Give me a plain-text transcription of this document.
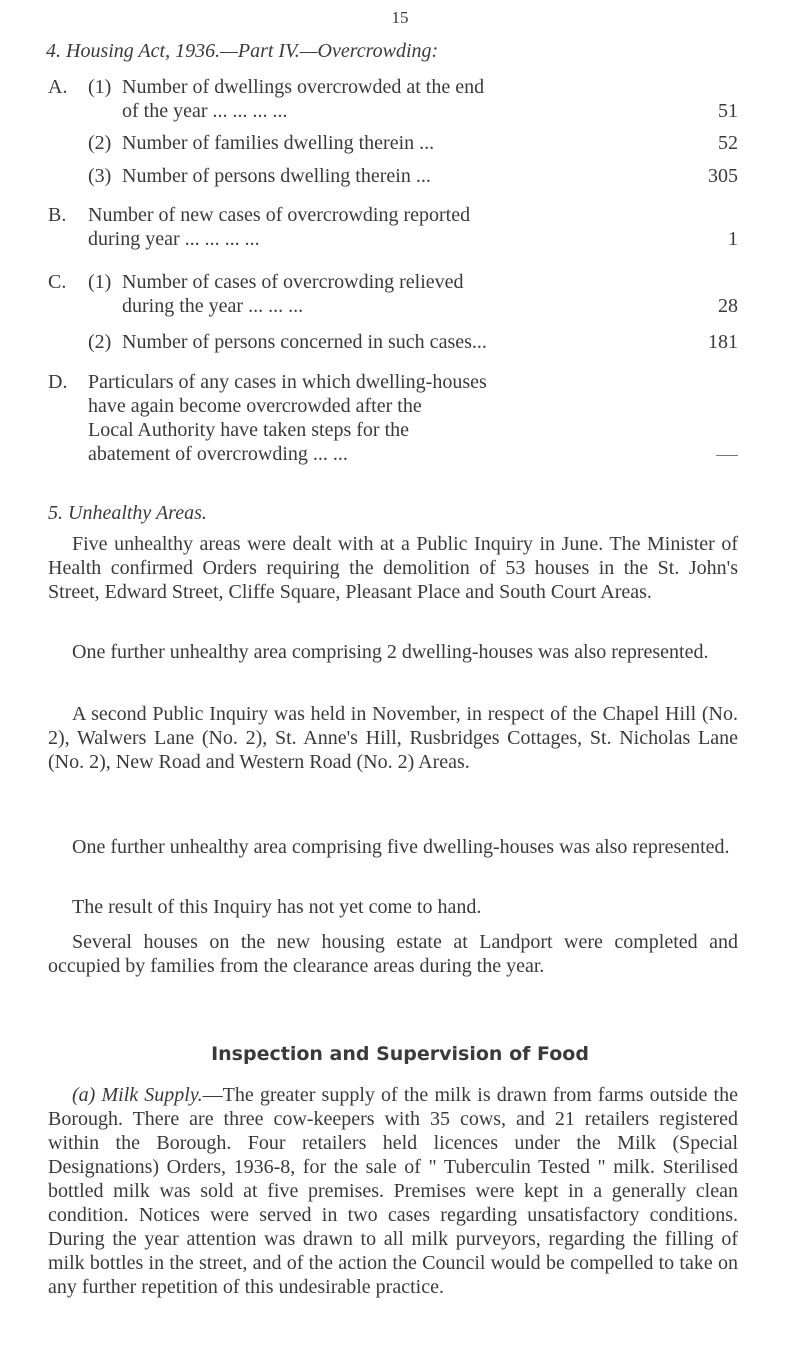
15
4. Housing Act, 1936.—Part IV.—Overcrowding:
A. (1) Number of dwellings overcrowded at the end
of the year ... ... ... ...	51
(2) Number of families dwelling therein ...	52
(3) Number of persons dwelling therein ...	305
B. Number of new cases of overcrowding reported
during year ... ... ... ...	1
C. (1) Number of cases of overcrowding relieved
during the year ... ... ...	28
(2) Number of persons concerned in such cases...	181
D. Particulars of any cases in which dwelling-houses
have again become overcrowded after the
Local Authority have taken steps for the
abatement of overcrowding ... ...
5. Unhealthy Areas.

Five unhealthy areas were dealt with at a Public Inquiry in June. The Minister of Health confirmed Orders requiring the demolition of 53 houses in the St. John's Street, Edward Street, Cliffe Square, Pleasant Place and South Court Areas.

One further unhealthy area comprising 2 dwelling-houses was also represented.

A second Public Inquiry was held in November, in respect of the Chapel Hill (No. 2), Walwers Lane (No. 2), St. Anne's Hill, Rusbridges Cottages, St. Nicholas Lane (No. 2), New Road and Western Road (No. 2) Areas.

One further unhealthy area comprising five dwelling-houses was also represented.

The result of this Inquiry has not yet come to hand.

Several houses on the new housing estate at Landport were completed and occupied by families from the clearance areas during the year.

Inspection and Supervision of Food

(a) Milk Supply.—The greater supply of the milk is drawn from farms outside the Borough. There are three cow-keepers with 35 cows, and 21 retailers registered within the Borough. Four retailers held licences under the Milk (Special Designations) Orders, 1936-8, for the sale of " Tuberculin Tested " milk. Sterilised bottled milk was sold at five premises. Premises were kept in a generally clean condition. Notices were served in two cases regarding unsatisfactory conditions. During the year attention was drawn to all milk purveyors, regarding the filling of milk bottles in the street, and of the action the Council would be compelled to take on any further repetition of this undesirable practice.
